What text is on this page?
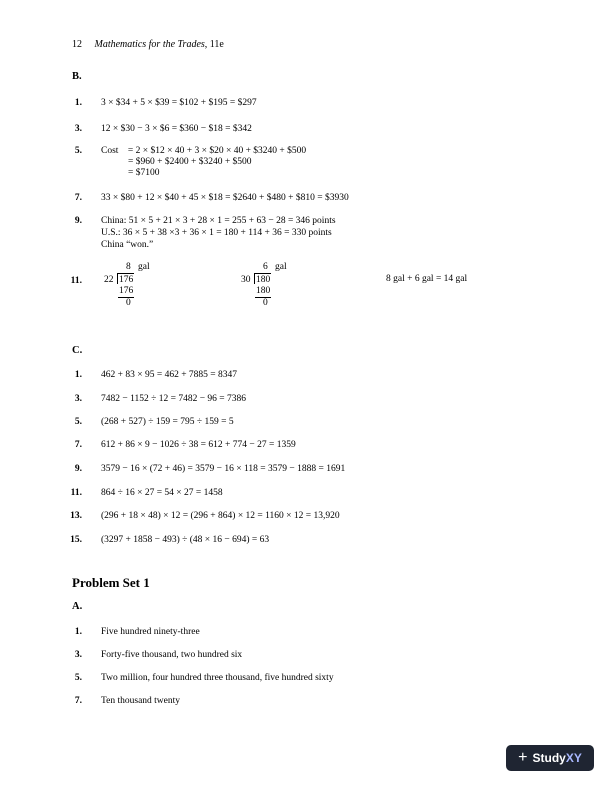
12 Mathematics for the Trades, 11e
B.
1. 3 × $34 + 5 × $39 = $102 + $195 = $297
3. 12 × $30 − 3 × $6 = $360 − $18 = $342
5. Cost    = 2 × $12 × 40 + 3 × $20 × 40 + $3240 + $500
= $960 + $2400 + $3240 + $500
= $7100
7. 33 × $80 + 12 × $40 + 45 × $18 = $2640 + $480 + $810 = $3930
9. China: 51 × 5 + 21 × 3 + 28 × 1 = 255 + 63 − 28 = 346 points
U.S.: 36 × 5 + 38 ×3 + 36 × 1 = 180 + 114 + 36 = 330 points
China “won.”
11.
8 gal
22 176
176
0
6 gal
30 180
180
0
8 gal + 6 gal = 14 gal
C.
1. 462 + 83 × 95 = 462 + 7885 = 8347
3. 7482 − 1152 ÷ 12 = 7482 − 96 = 7386
5. (268 + 527) ÷ 159 = 795 ÷ 159 = 5
7. 612 + 86 × 9 − 1026 ÷ 38 = 612 + 774 − 27 = 1359
9. 3579 − 16 × (72 + 46) = 3579 − 16 × 118 = 3579 − 1888 = 1691
11. 864 ÷ 16 × 27 = 54 × 27 = 1458
13. (296 + 18 × 48) × 12 = (296 + 864) × 12 = 1160 × 12 = 13,920
15. (3297 + 1858 − 493) ÷ (48 × 16 − 694) = 63
Problem Set 1
A.
1. Five hundred ninety-three
3. Forty-five thousand, two hundred six
5. Two million, four hundred three thousand, five hundred sixty
7. Ten thousand twenty
+ StudyXY
